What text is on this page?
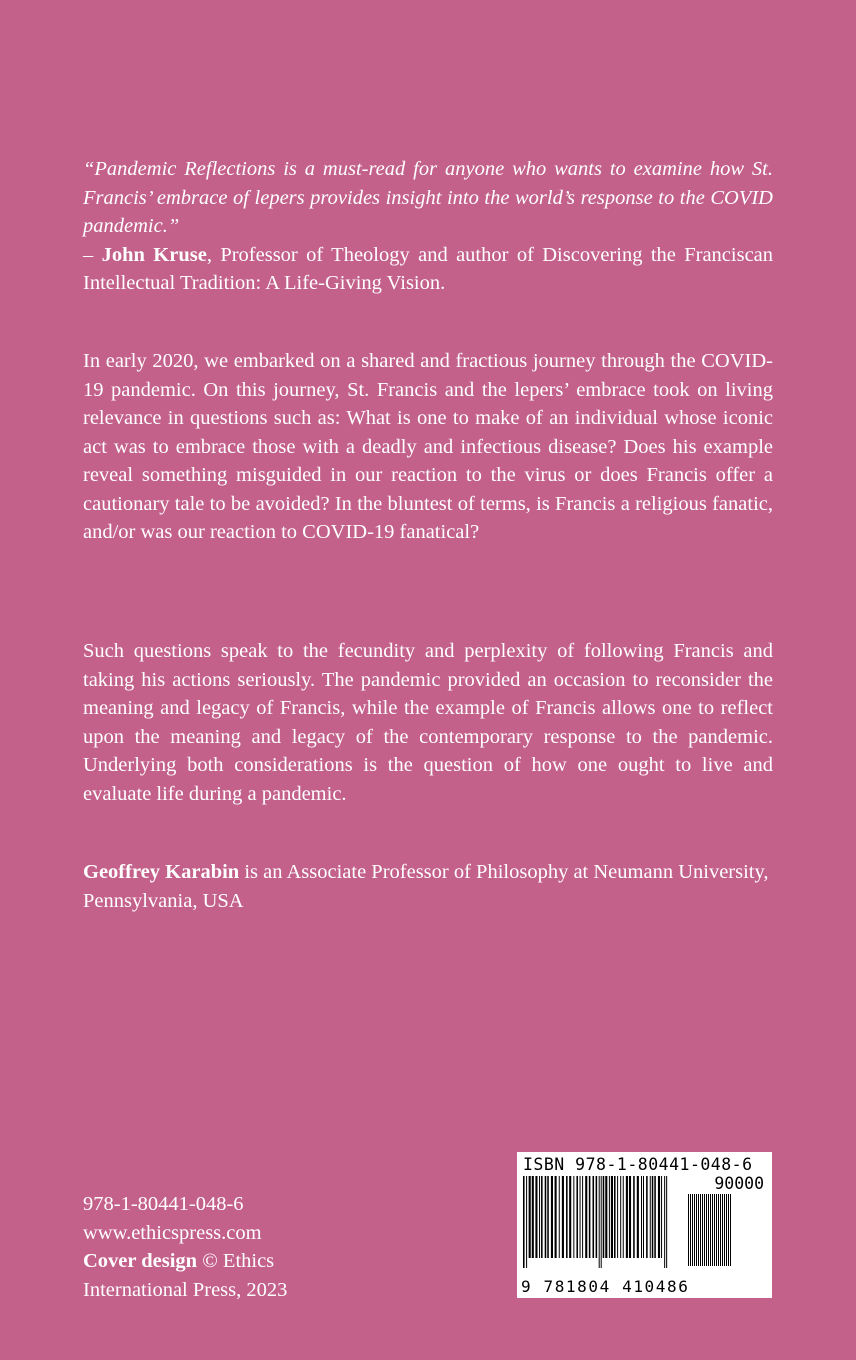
“Pandemic Reflections is a must-read for anyone who wants to examine how St. Francis’ embrace of lepers provides insight into the world’s response to the COVID pandemic.”
– John Kruse, Professor of Theology and author of Discovering the Franciscan Intellectual Tradition: A Life-Giving Vision.

In early 2020, we embarked on a shared and fractious journey through the COVID-19 pandemic. On this journey, St. Francis and the lepers’ embrace took on living relevance in questions such as: What is one to make of an individual whose iconic act was to embrace those with a deadly and infectious disease? Does his example reveal something misguided in our reaction to the virus or does Francis offer a cautionary tale to be avoided? In the bluntest of terms, is Francis a religious fanatic, and/or was our reaction to COVID-19 fanatical?

Such questions speak to the fecundity and perplexity of following Francis and taking his actions seriously. The pandemic provided an occasion to reconsider the meaning and legacy of Francis, while the example of Francis allows one to reflect upon the meaning and legacy of the contemporary response to the pandemic. Underlying both considerations is the question of how one ought to live and evaluate life during a pandemic.

Geoffrey Karabin is an Associate Professor of Philosophy at Neumann University, Pennsylvania, USA

978-1-80441-048-6
www.ethicspress.com
Cover design © Ethics
International Press, 2023
ISBN 978-1-80441-048-6
90000
9 781804 410486
